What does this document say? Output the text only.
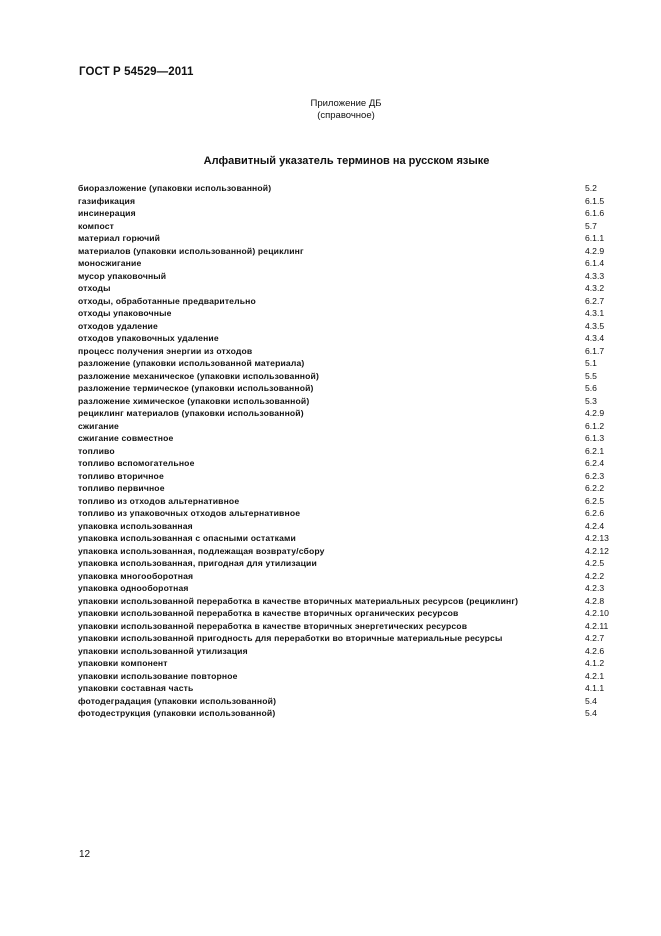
ГОСТ Р 54529—2011
Приложение ДБ
(справочное)
Алфавитный указатель терминов на русском языке
биоразложение (упаковки использованной)	5.2
газификация	6.1.5
инсинерация	6.1.6
компост	5.7
материал горючий	6.1.1
материалов (упаковки использованной) рециклинг	4.2.9
моносжигание	6.1.4
мусор упаковочный	4.3.3
отходы	4.3.2
отходы, обработанные предварительно	6.2.7
отходы упаковочные	4.3.1
отходов удаление	4.3.5
отходов упаковочных удаление	4.3.4
процесс получения энергии из отходов	6.1.7
разложение (упаковки использованной материала)	5.1
разложение механическое (упаковки использованной)	5.5
разложение термическое (упаковки использованной)	5.6
разложение химическое (упаковки использованной)	5.3
рециклинг материалов (упаковки использованной)	4.2.9
сжигание	6.1.2
сжигание совместное	6.1.3
топливо	6.2.1
топливо вспомогательное	6.2.4
топливо вторичное	6.2.3
топливо первичное	6.2.2
топливо из отходов альтернативное	6.2.5
топливо из упаковочных отходов альтернативное	6.2.6
упаковка использованная	4.2.4
упаковка использованная с опасными остатками	4.2.13
упаковка использованная, подлежащая возврату/сбору	4.2.12
упаковка использованная, пригодная для утилизации	4.2.5
упаковка многооборотная	4.2.2
упаковка однооборотная	4.2.3
упаковки использованной переработка в качестве вторичных материальных ресурсов (рециклинг)	4.2.8
упаковки использованной переработка в качестве вторичных органических ресурсов	4.2.10
упаковки использованной переработка в качестве вторичных энергетических ресурсов	4.2.11
упаковки использованной пригодность для переработки во вторичные материальные ресурсы	4.2.7
упаковки использованной утилизация	4.2.6
упаковки компонент	4.1.2
упаковки использование повторное	4.2.1
упаковки составная часть	4.1.1
фотодеградация (упаковки использованной)	5.4
фотодеструкция (упаковки использованной)	5.4
12
